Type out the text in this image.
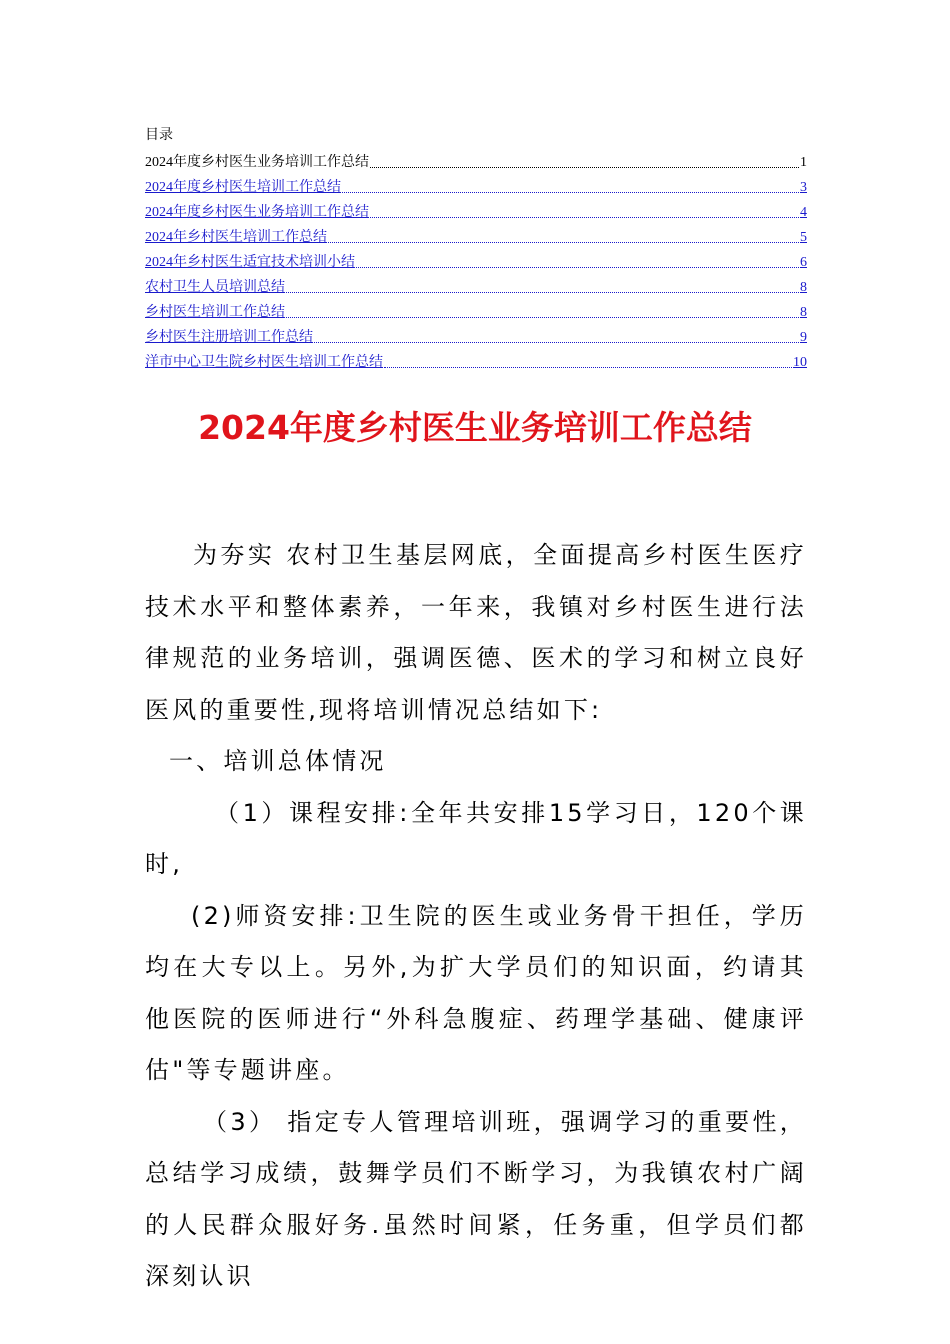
目录
2024年度乡村医生业务培训工作总结	1
2024年度乡村医生培训工作总结	3
2024年度乡村医生业务培训工作总结	4
2024年乡村医生培训工作总结	5
2024年乡村医生适宜技术培训小结	6
农村卫生人员培训总结	8
乡村医生培训工作总结	8
乡村医生注册培训工作总结	9
洋市中心卫生院乡村医生培训工作总结	10
2024年度乡村医生业务培训工作总结

为夯实 农村卫生基层网底，全面提高乡村医生医疗技术水平和整体素养，一年来，我镇对乡村医生进行法律规范的业务培训，强调医德、医术的学习和树立良好医风的重要性,现将培训情况总结如下:

一、培训总体情况

（1）课程安排:全年共安排15学习日，120个课时,

(2)师资安排:卫生院的医生或业务骨干担任，学历均在大专以上。另外,为扩大学员们的知识面，约请其他医院的医师进行“外科急腹症、药理学基础、健康评估"等专题讲座。

（3） 指定专人管理培训班，强调学习的重要性，总结学习成绩，鼓舞学员们不断学习，为我镇农村广阔的人民群众服好务.虽然时间紧，任务重，但学员们都深刻认识
